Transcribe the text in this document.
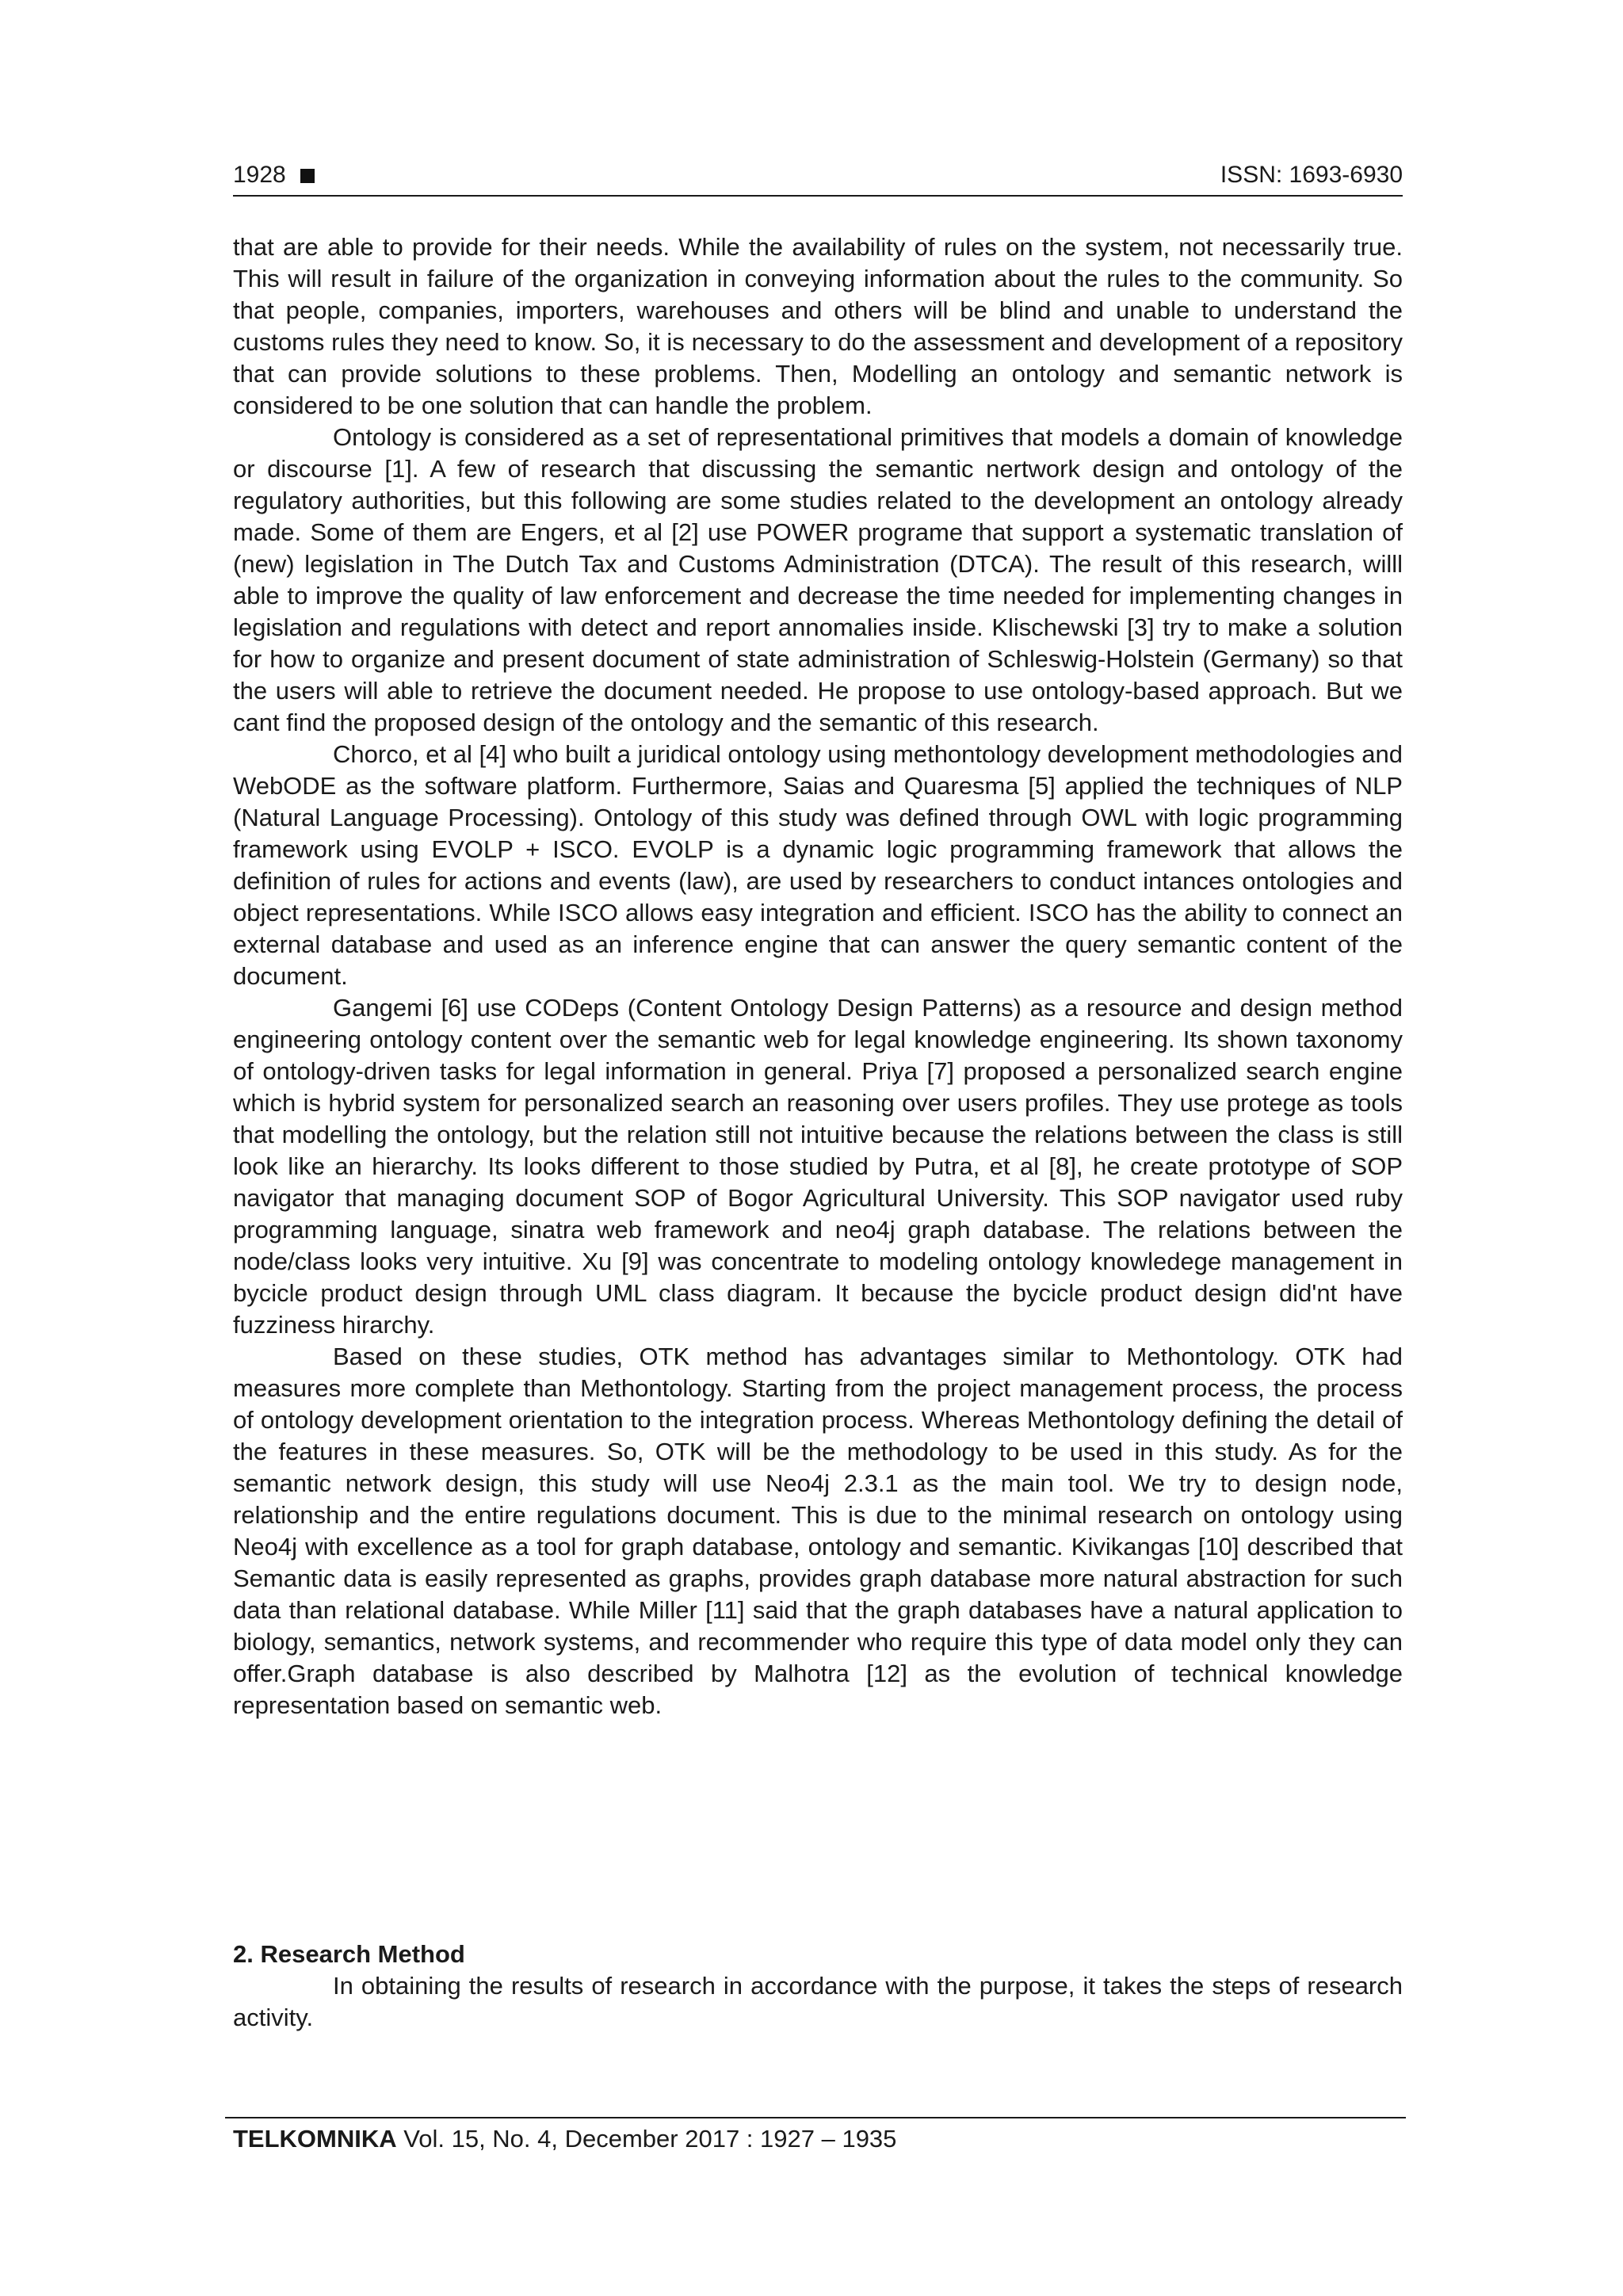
1928	ISSN: 1693-6930

that are able to provide for their needs. While the availability of rules on the system, not necessarily true. This will result in failure of the organization in conveying information about the rules to the community. So that people, companies, importers, warehouses and others will be blind and unable to understand the customs rules they need to know. So, it is necessary to do the assessment and development of a repository that can provide solutions to these problems. Then, Modelling an ontology and semantic network is considered to be one solution that can handle the problem.

Ontology is considered as a set of representational primitives that models a domain of knowledge or discourse [1]. A few of research that discussing the semantic nertwork design and ontology of the regulatory authorities, but this following are some studies related to the development an ontology already made. Some of them are Engers, et al [2] use POWER programe that support a systematic translation of (new) legislation in The Dutch Tax and Customs Administration (DTCA). The result of this research, willl able to improve the quality of law enforcement and decrease the time needed for implementing changes in legislation and regulations with detect and report annomalies inside. Klischewski [3] try to make a solution for how to organize and present document of state administration of Schleswig-Holstein (Germany) so that the users will able to retrieve the document needed. He propose to use ontology-based approach. But we cant find the proposed design of the ontology and the semantic of this research.

Chorco, et al [4] who built a juridical ontology using methontology development methodologies and WebODE as the software platform. Furthermore, Saias and Quaresma [5] applied the techniques of NLP (Natural Language Processing). Ontology of this study was defined through OWL with logic programming framework using EVOLP + ISCO. EVOLP is a dynamic logic programming framework that allows the definition of rules for actions and events (law), are used by researchers to conduct intances ontologies and object representations. While ISCO allows easy integration and efficient. ISCO has the ability to connect an external database and used as an inference engine that can answer the query semantic content of the document.

Gangemi [6] use CODeps (Content Ontology Design Patterns) as a resource and design method engineering ontology content over the semantic web for legal knowledge engineering. Its shown taxonomy of ontology-driven tasks for legal information in general. Priya [7] proposed a personalized search engine which is hybrid system for personalized search an reasoning over users profiles. They use protege as tools that modelling the ontology, but the relation still not intuitive because the relations between the class is still look like an hierarchy. Its looks different to those studied by Putra, et al [8], he create prototype of SOP navigator that managing document SOP of Bogor Agricultural University. This SOP navigator used ruby programming language, sinatra web framework and neo4j graph database. The relations between the node/class looks very intuitive. Xu [9] was concentrate to modeling ontology knowledege management in bycicle product design through UML class diagram. It because the bycicle product design did'nt have fuzziness hirarchy.

Based on these studies, OTK method has advantages similar to Methontology. OTK had measures more complete than Methontology. Starting from the project management process, the process of ontology development orientation to the integration process. Whereas Methontology defining the detail of the features in these measures. So, OTK will be the methodology to be used in this study. As for the semantic network design, this study will use Neo4j 2.3.1 as the main tool. We try to design node, relationship and the entire regulations document. This is due to the minimal research on ontology using Neo4j with excellence as a tool for graph database, ontology and semantic. Kivikangas [10] described that Semantic data is easily represented as graphs, provides graph database more natural abstraction for such data than relational database. While Miller [11] said that the graph databases have a natural application to biology, semantics, network systems, and recommender who require this type of data model only they can offer.Graph database is also described by Malhotra [12] as the evolution of technical knowledge representation based on semantic web.

2. Research Method

In obtaining the results of research in accordance with the purpose, it takes the steps of research activity.

TELKOMNIKA Vol. 15, No. 4, December 2017 : 1927 – 1935
